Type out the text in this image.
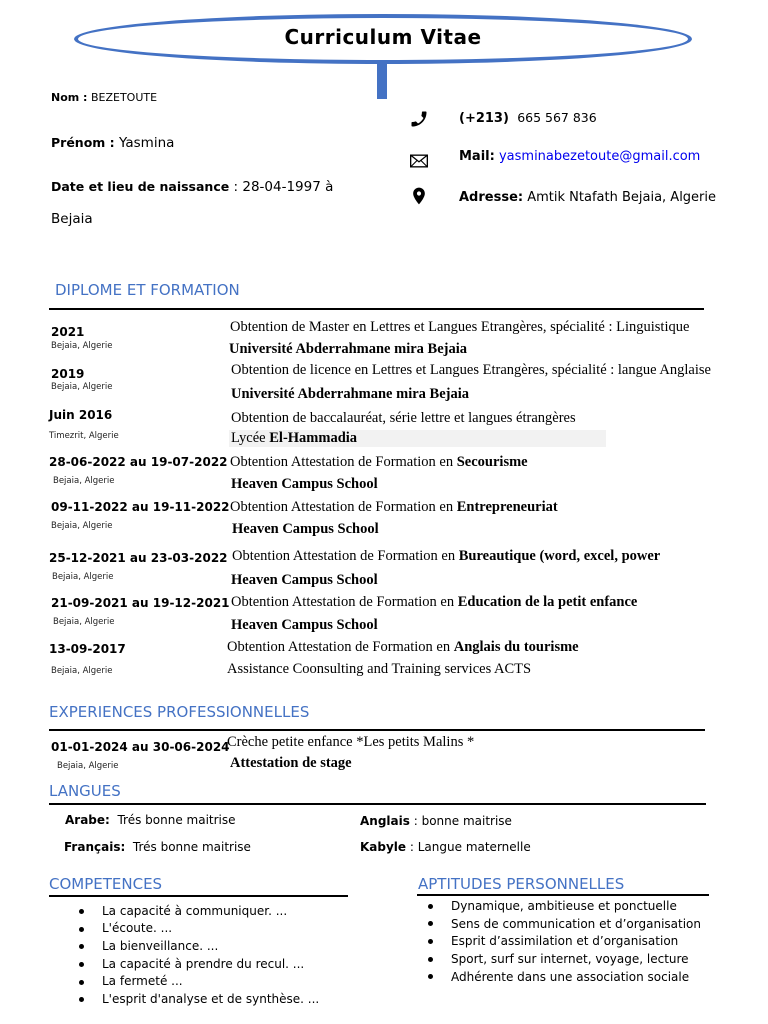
Curriculum Vitae
Nom : BEZETOUTE
Prénom : Yasmina
Date et lieu de naissance : 28-04-1997 à
Bejaia
(+213) 665 567 836
Mail: yasminabezetoute@gmail.com
Adresse: Amtik Ntafath Bejaia, Algerie
DIPLOME ET FORMATION
2021
Bejaia, Algerie
Obtention de Master en Lettres et Langues Etrangères, spécialité : Linguistique
Université Abderrahmane mira Bejaia
2019
Bejaia, Algerie
Obtention de licence en Lettres et Langues Etrangères, spécialité : langue Anglaise
Université Abderrahmane mira Bejaia
Juin 2016
Timezrit, Algerie
Obtention de baccalauréat, série lettre et langues étrangères
Lycée El-Hammadia
28-06-2022 au 19-07-2022
Bejaia, Algerie
Obtention Attestation de Formation en Secourisme
Heaven Campus School
09-11-2022 au 19-11-2022
Bejaia, Algerie
Obtention Attestation de Formation en Entrepreneuriat
Heaven Campus School
25-12-2021 au 23-03-2022
Bejaia, Algerie
Obtention Attestation de Formation en Bureautique (word, excel, power
Heaven Campus School
21-09-2021 au 19-12-2021
Bejaia, Algerie
Obtention Attestation de Formation en Education de la petit enfance
Heaven Campus School
13-09-2017
Bejaia, Algerie
Obtention Attestation de Formation en Anglais du tourisme
Assistance Coonsulting and Training services ACTS
EXPERIENCES PROFESSIONNELLES
01-01-2024 au 30-06-2024
Bejaia, Algerie
Crèche petite enfance *Les petits Malins *
Attestation de stage
LANGUES
Arabe: Trés bonne maitrise	Anglais : bonne maitrise
Français: Trés bonne maitrise	Kabyle : Langue maternelle
COMPETENCES
La capacité à communiquer. ...
L'écoute. ...
La bienveillance. ...
La capacité à prendre du recul. ...
La fermeté ...
L'esprit d'analyse et de synthèse. ...
APTITUDES PERSONNELLES
Dynamique, ambitieuse et ponctuelle
Sens de communication et d’organisation
Esprit d’assimilation et d’organisation
Sport, surf sur internet, voyage, lecture
Adhérente dans une association sociale
